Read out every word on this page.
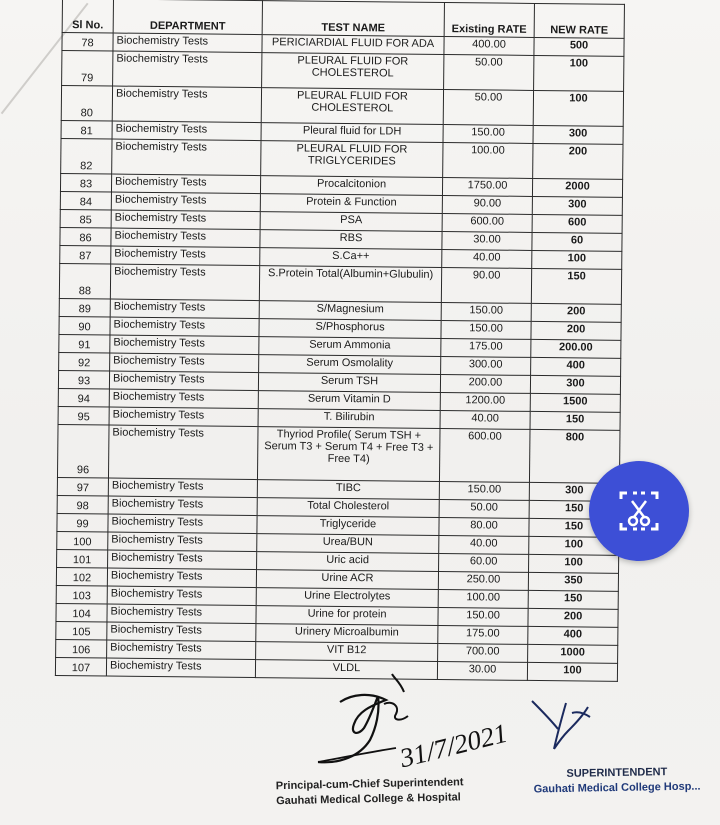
Sl No.	DEPARTMENT	TEST NAME	Existing RATE	NEW RATE
78	Biochemistry Tests	PERICIARDIAL FLUID FOR ADA	400.00	500
79	Biochemistry Tests	PLEURAL FLUID FOR CHOLESTEROL	50.00	100
80	Biochemistry Tests	PLEURAL FLUID FOR CHOLESTEROL	50.00	100
81	Biochemistry Tests	Pleural fluid for LDH	150.00	300
82	Biochemistry Tests	PLEURAL FLUID FOR TRIGLYCERIDES	100.00	200
83	Biochemistry Tests	Procalcitonion	1750.00	2000
84	Biochemistry Tests	Protein & Function	90.00	300
85	Biochemistry Tests	PSA	600.00	600
86	Biochemistry Tests	RBS	30.00	60
87	Biochemistry Tests	S.Ca++	40.00	100
88	Biochemistry Tests	S.Protein Total(Albumin+Glubulin)	90.00	150
89	Biochemistry Tests	S/Magnesium	150.00	200
90	Biochemistry Tests	S/Phosphorus	150.00	200
91	Biochemistry Tests	Serum Ammonia	175.00	200.00
92	Biochemistry Tests	Serum Osmolality	300.00	400
93	Biochemistry Tests	Serum TSH	200.00	300
94	Biochemistry Tests	Serum Vitamin D	1200.00	1500
95	Biochemistry Tests	T. Bilirubin	40.00	150
96	Biochemistry Tests	Thyriod Profile( Serum TSH + Serum T3 + Serum T4 + Free T3 + Free T4)	600.00	800
97	Biochemistry Tests	TIBC	150.00	300
98	Biochemistry Tests	Total Cholesterol	50.00	150
99	Biochemistry Tests	Triglyceride	80.00	150
100	Biochemistry Tests	Urea/BUN	40.00	100
101	Biochemistry Tests	Uric acid	60.00	100
102	Biochemistry Tests	Urine ACR	250.00	350
103	Biochemistry Tests	Urine Electrolytes	100.00	150
104	Biochemistry Tests	Urine for protein	150.00	200
105	Biochemistry Tests	Urinery Microalbumin	175.00	400
106	Biochemistry Tests	VIT B12	700.00	1000
107	Biochemistry Tests	VLDL	30.00	100
31/7/2021
Principal-cum-Chief Superintendent
Gauhati Medical College & Hospital
SUPERINTENDENT
Gauhati Medical College Hosp...
